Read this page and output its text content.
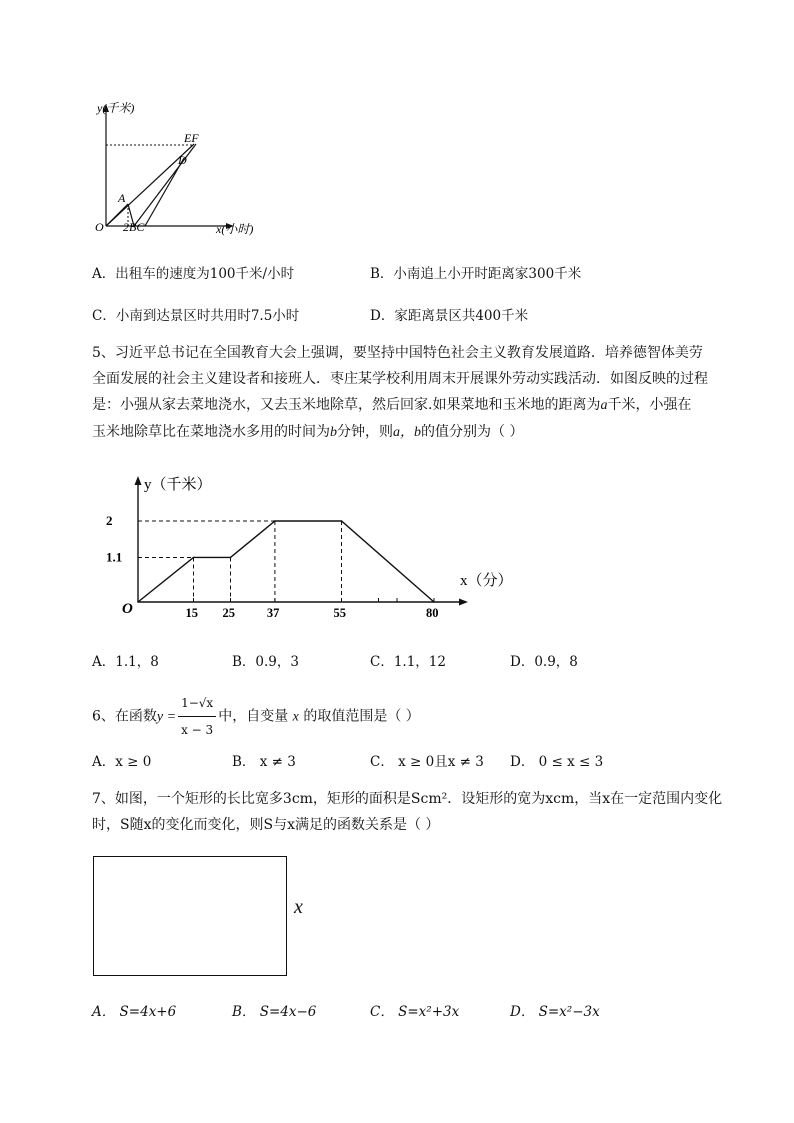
y(千米)
x(小时)
O
EF
D
A
2BC
A．出租车的速度为100千米/小时	B．小南追上小开时距离家300千米
C．小南到达景区时共用时7.5小时	D．家距离景区共400千米
5、习近平总书记在全国教育大会上强调，要坚持中国特色社会主义教育发展道路．培养德智体美劳
全面发展的社会主义建设者和接班人．枣庄某学校利用周末开展课外劳动实践活动．如图反映的过程
是：小强从家去菜地浇水，又去玉米地除草，然后回家.如果菜地和玉米地的距离为a千米，小强在
玉米地除草比在菜地浇水多用的时间为b分钟，则a，b的值分别为（ ）
y（千米）
x（分）
O
1.1
2
15 25	37	55	80
A．1.1，8	B．0.9，3	C．1.1，12	D．0.9，8
6、在函数$y = \frac{1-√x}{x - 3}$ 中，自变量 x 的取值范围是（ ）
A．x ≥ 0	B． x ≠ 3	C． x ≥ 0且x ≠ 3 D． 0 ≤ x ≤ 3
7、如图，一个矩形的长比宽多3cm，矩形的面积是Scm²．设矩形的宽为xcm，当x在一定范围内变化
时，S随x的变化而变化，则S与x满足的函数关系是（ ）
x
A． S=4x+6	B． S=4x−6	C． S=x²+3x	D． S=x²−3x
